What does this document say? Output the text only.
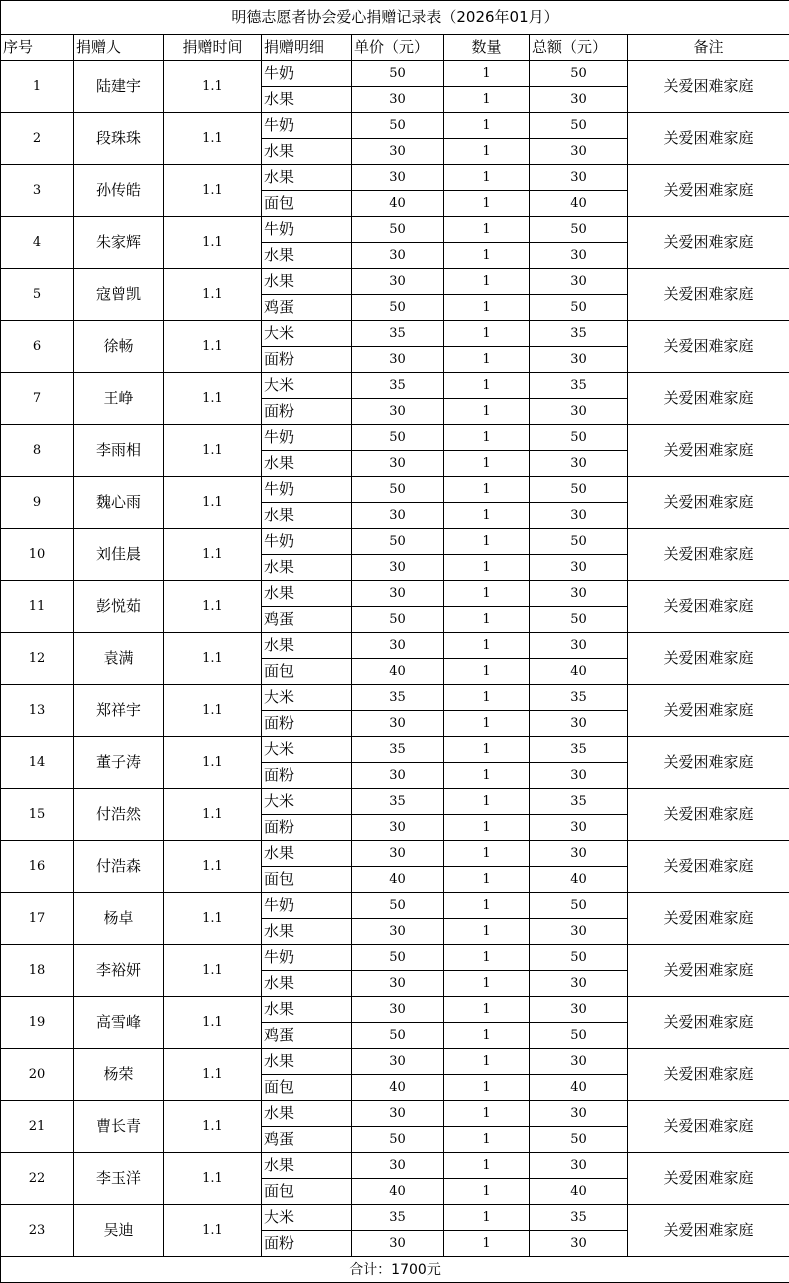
明德志愿者协会爱心捐赠记录表（2026年01月）							
序号	捐赠人	捐赠时间	捐赠明细	单价（元）	数量	总额（元）	备注
1	陆建宇	1.1	牛奶	50	1	50	关爱困难家庭
			水果	30	1	30	
2	段珠珠	1.1	牛奶	50	1	50	关爱困难家庭
			水果	30	1	30	
3	孙传皓	1.1	水果	30	1	30	关爱困难家庭
			面包	40	1	40	
4	朱家辉	1.1	牛奶	50	1	50	关爱困难家庭
			水果	30	1	30	
5	寇曾凯	1.1	水果	30	1	30	关爱困难家庭
			鸡蛋	50	1	50	
6	徐畅	1.1	大米	35	1	35	关爱困难家庭
			面粉	30	1	30	
7	王峥	1.1	大米	35	1	35	关爱困难家庭
			面粉	30	1	30	
8	李雨相	1.1	牛奶	50	1	50	关爱困难家庭
			水果	30	1	30	
9	魏心雨	1.1	牛奶	50	1	50	关爱困难家庭
			水果	30	1	30	
10	刘佳晨	1.1	牛奶	50	1	50	关爱困难家庭
			水果	30	1	30	
11	彭悦茹	1.1	水果	30	1	30	关爱困难家庭
			鸡蛋	50	1	50	
12	袁满	1.1	水果	30	1	30	关爱困难家庭
			面包	40	1	40	
13	郑祥宇	1.1	大米	35	1	35	关爱困难家庭
			面粉	30	1	30	
14	董子涛	1.1	大米	35	1	35	关爱困难家庭
			面粉	30	1	30	
15	付浩然	1.1	大米	35	1	35	关爱困难家庭
			面粉	30	1	30	
16	付浩森	1.1	水果	30	1	30	关爱困难家庭
			面包	40	1	40	
17	杨卓	1.1	牛奶	50	1	50	关爱困难家庭
			水果	30	1	30	
18	李裕妍	1.1	牛奶	50	1	50	关爱困难家庭
			水果	30	1	30	
19	高雪峰	1.1	水果	30	1	30	关爱困难家庭
			鸡蛋	50	1	50	
20	杨荣	1.1	水果	30	1	30	关爱困难家庭
			面包	40	1	40	
21	曹长青	1.1	水果	30	1	30	关爱困难家庭
			鸡蛋	50	1	50	
22	李玉洋	1.1	水果	30	1	30	关爱困难家庭
			面包	40	1	40	
23	吴迪	1.1	大米	35	1	35	关爱困难家庭
			面粉	30	1	30	
合计：1700元							
